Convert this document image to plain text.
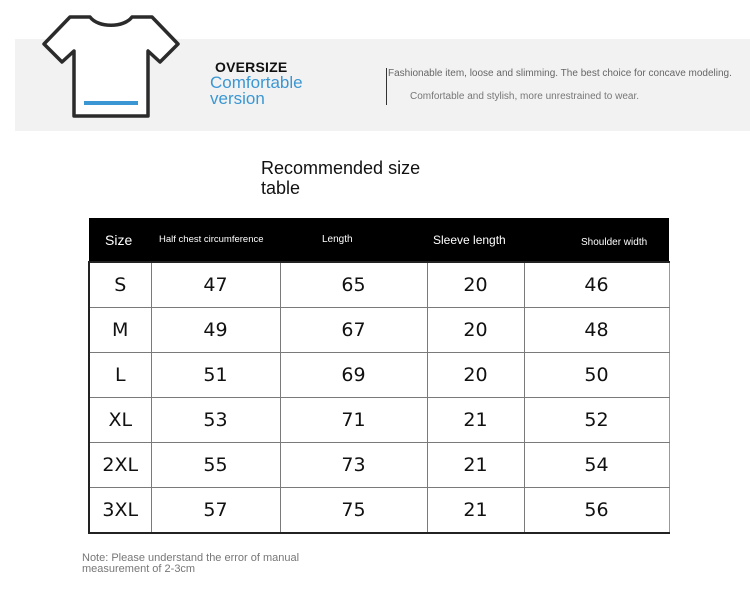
OVERSIZE
Comfortable version
Fashionable item, loose and slimming. The best choice for concave modeling.
Comfortable and stylish, more unrestrained to wear.
Recommended size table
Size	Half chest circumference	Length	Sleeve length	Shoulder width
S	47	65	20	46
M	49	67	20	48
L	51	69	20	50
XL	53	71	21	52
2XL	55	73	21	54
3XL	57	75	21	56
Note: Please understand the error of manual measurement of 2-3cm
